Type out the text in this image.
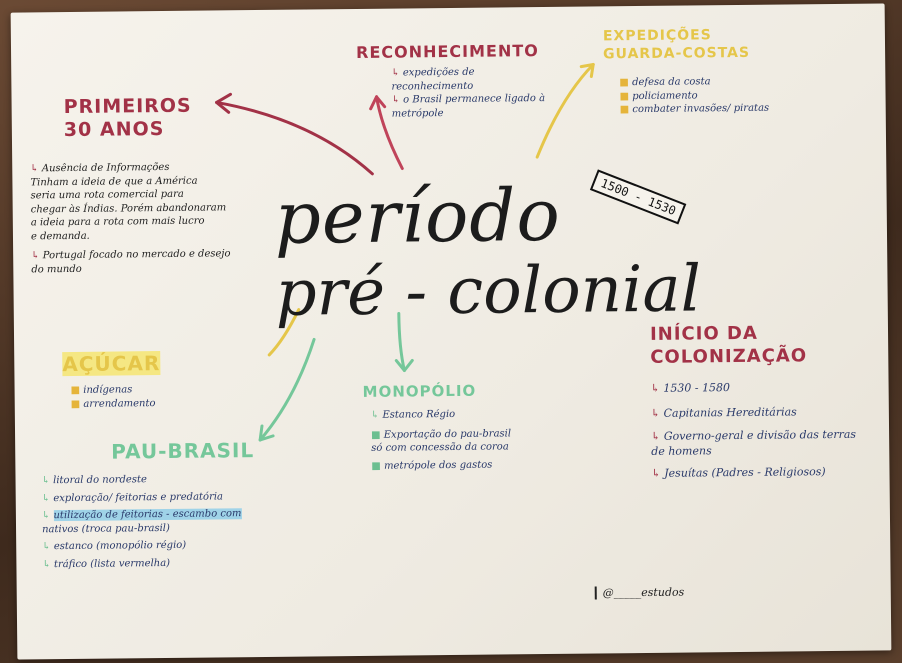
período
pré - colonial
1500 - 1530
PRIMEIROS
30 ANOS
↳ Ausência de Informações
Tinham a ideia de que a América
seria uma rota comercial para
chegar às Índias. Porém abandonaram
a ideia para a rota com mais lucro
e demanda.
↳ Portugal focado no mercado e desejo
do mundo
RECONHECIMENTO
↳ expedições de reconhecimento
↳ o Brasil permanece ligado à metrópole
EXPEDIÇÕES
GUARDA-COSTAS
■ defesa da costa
■ policiamento
■ combater invasões/ piratas
AÇÚCAR
■ indígenas
■ arrendamento
PAU-BRASIL
↳ litoral do nordeste
↳ exploração/ feitorias e predatória
↳ utilização de feitorias - escambo com
nativos (troca pau-brasil)
↳ estanco (monopólio régio)
↳ tráfico (lista vermelha)
MONOPÓLIO
↳ Estanco Régio
■ Exportação do pau-brasil
só com concessão da coroa
■ metrópole dos gastos
INÍCIO DA
COLONIZAÇÃO
↳ 1530 - 1580
↳ Capitanias Hereditárias
↳ Governo-geral e divisão das terras de homens
↳ Jesuítas (Padres - Religiosos)
@_____estudos
